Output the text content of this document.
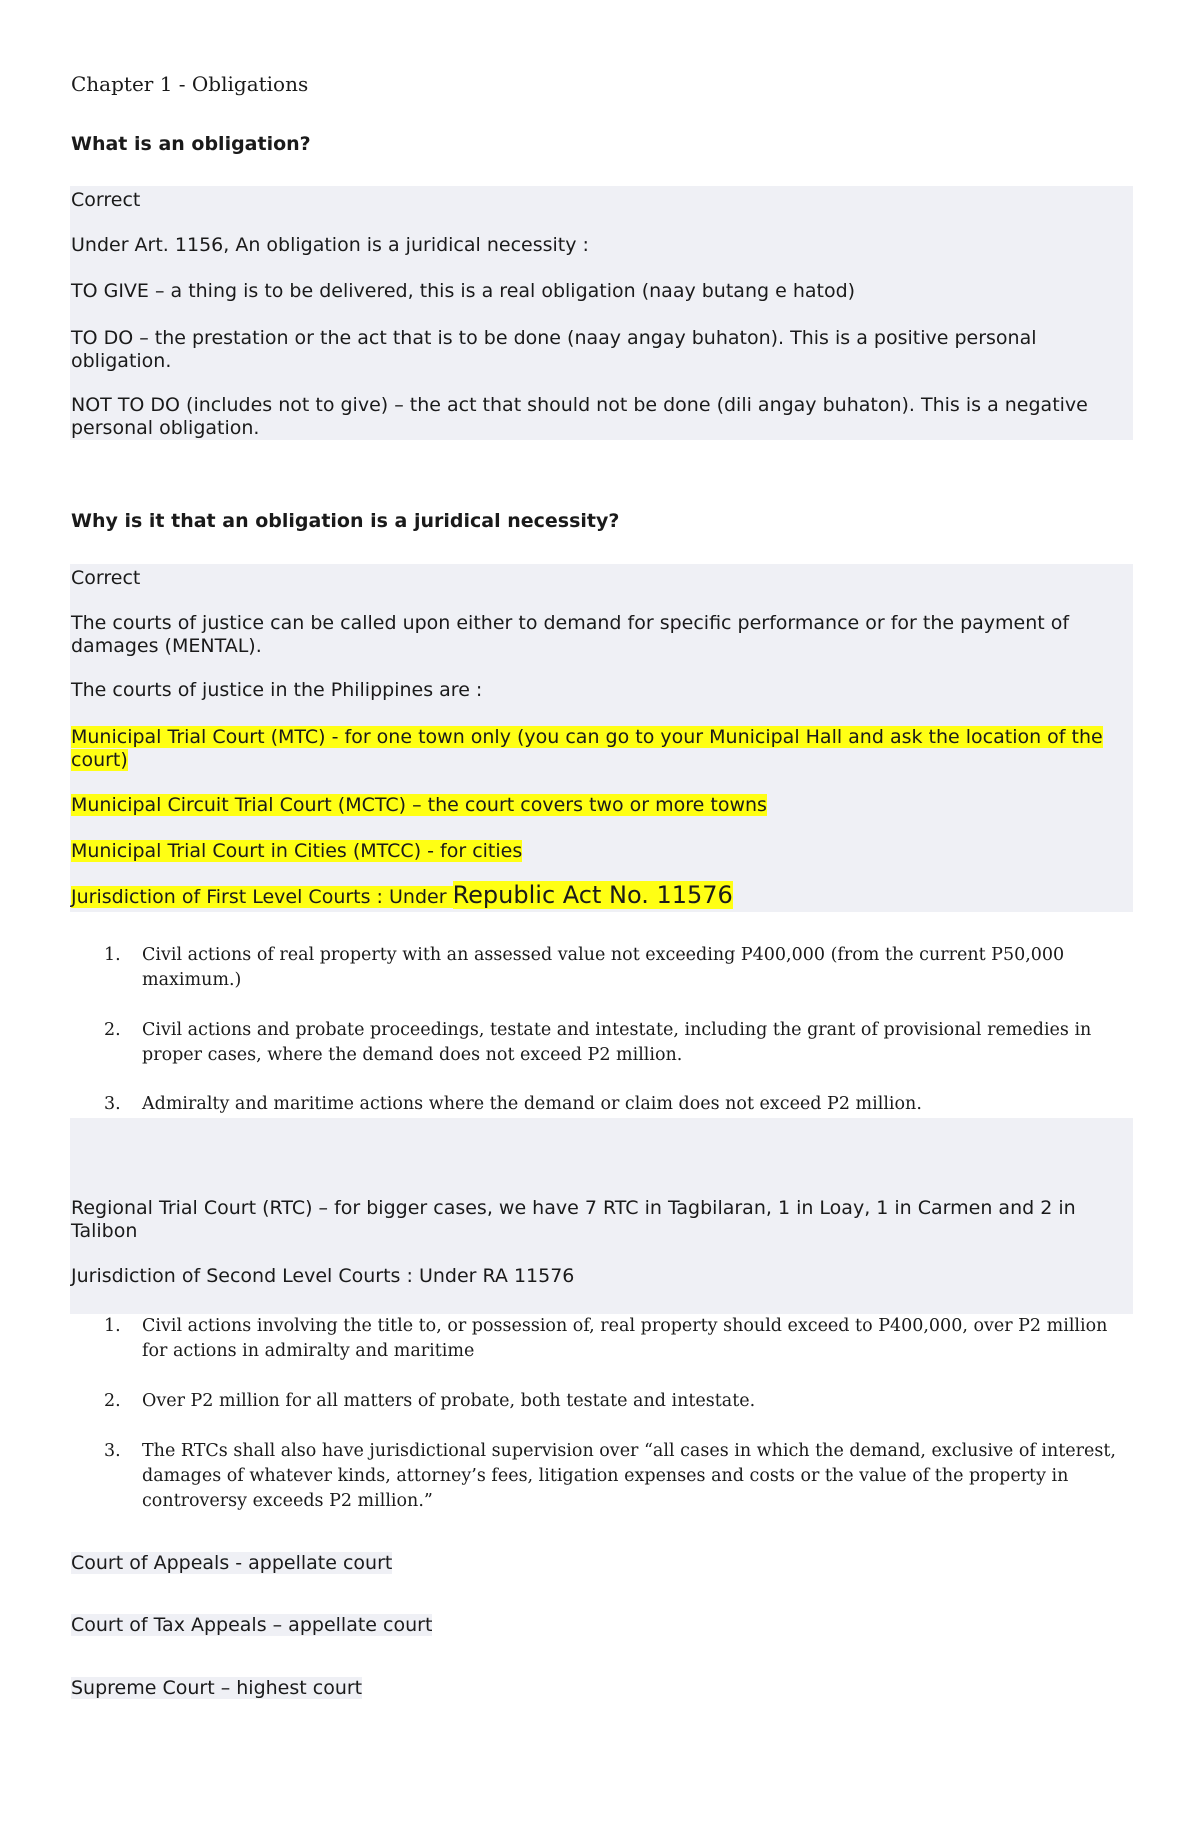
Chapter 1 - Obligations
What is an obligation?

Correct

Under Art. 1156, An obligation is a juridical necessity :

TO GIVE – a thing is to be delivered, this is a real obligation (naay butang e hatod)

TO DO – the prestation or the act that is to be done (naay angay buhaton). This is a positive personal obligation.

NOT TO DO (includes not to give) – the act that should not be done (dili angay buhaton). This is a negative personal obligation.

Why is it that an obligation is a juridical necessity?

Correct

The courts of justice can be called upon either to demand for specific performance or for the payment of damages (MENTAL).

The courts of justice in the Philippines are :

Municipal Trial Court (MTC) - for one town only (you can go to your Municipal Hall and ask the location of the court)

Municipal Circuit Trial Court (MCTC) – the court covers two or more towns

Municipal Trial Court in Cities (MTCC) - for cities

Jurisdiction of First Level Courts : Under Republic Act No. 11576

1. Civil actions of real property with an assessed value not exceeding P400,000 (from the current P50,000 maximum.)
2. Civil actions and probate proceedings, testate and intestate, including the grant of provisional remedies in proper cases, where the demand does not exceed P2 million.
3. Admiralty and maritime actions where the demand or claim does not exceed P2 million.

Regional Trial Court (RTC) – for bigger cases, we have 7 RTC in Tagbilaran, 1 in Loay, 1 in Carmen and 2 in Talibon

Jurisdiction of Second Level Courts : Under RA 11576

1. Civil actions involving the title to, or possession of, real property should exceed to P400,000, over P2 million for actions in admiralty and maritime
2. Over P2 million for all matters of probate, both testate and intestate.
3. The RTCs shall also have jurisdictional supervision over “all cases in which the demand, exclusive of interest, damages of whatever kinds, attorney’s fees, litigation expenses and costs or the value of the property in controversy exceeds P2 million.”

Court of Appeals - appellate court

Court of Tax Appeals – appellate court

Supreme Court – highest court
